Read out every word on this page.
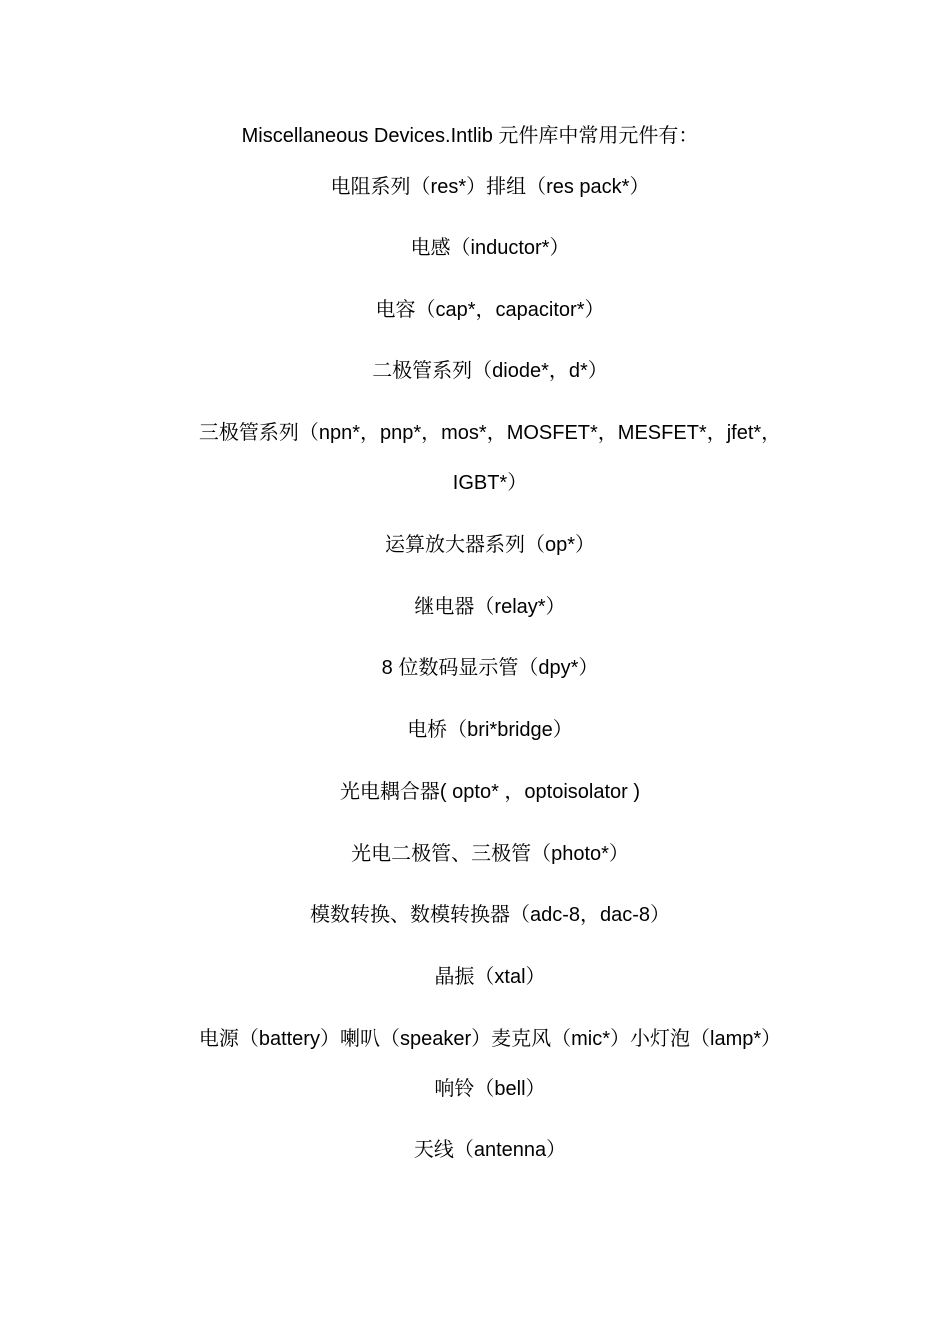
Miscellaneous Devices.Intlib 元件库中常用元件有：
电阻系列（res*）排组（res pack*）
电感（inductor*）
电容（cap*，capacitor*）
二极管系列（diode*，d*）
三极管系列（npn*，pnp*，mos*，MOSFET*，MESFET*，jfet*，
IGBT*）
运算放大器系列（op*）
继电器（relay*）
8 位数码显示管（dpy*）
电桥（bri*bridge）
光电耦合器( opto* ，optoisolator )
光电二极管、三极管（photo*）
模数转换、数模转换器（adc-8，dac-8）
晶振（xtal）
电源（battery）喇叭（speaker）麦克风（mic*）小灯泡（lamp*）
响铃（bell）
天线（antenna）
